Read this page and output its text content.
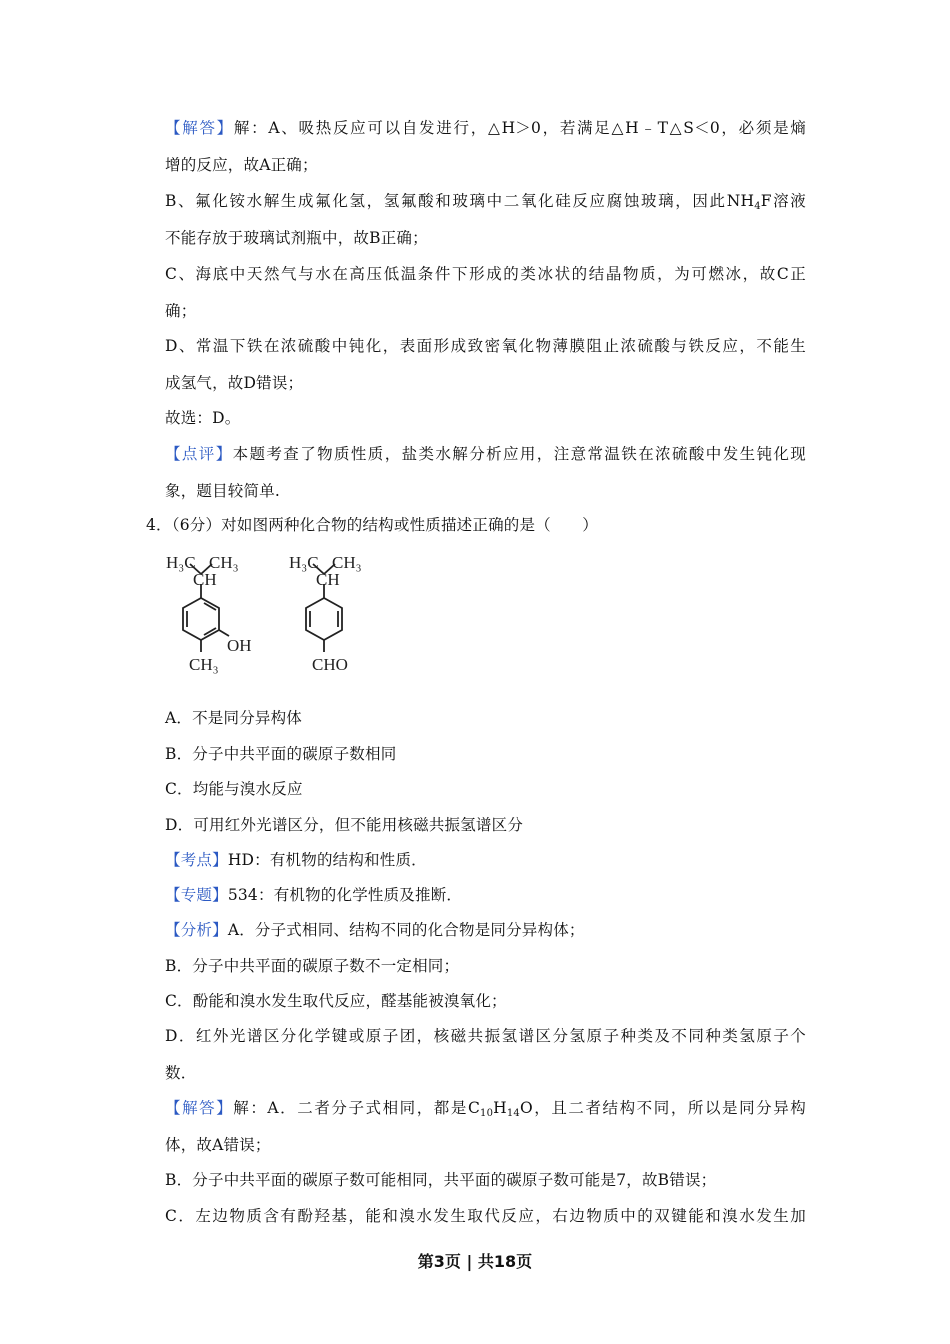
【解答】解：A、吸热反应可以自发进行，△H＞0，若满足△H﹣T△S＜0，必须是熵
增的反应，故A正确；
B、氟化铵水解生成氟化氢，氢氟酸和玻璃中二氧化硅反应腐蚀玻璃，因此$NH_4F$溶液
不能存放于玻璃试剂瓶中，故B正确；
C、海底中天然气与水在高压低温条件下形成的类冰状的结晶物质，为可燃冰，故C正
确；
D、常温下铁在浓硫酸中钝化，表面形成致密氧化物薄膜阻止浓硫酸与铁反应，不能生
成氢气，故D错误；
故选：D。
【点评】本题考查了物质性质，盐类水解分析应用，注意常温铁在浓硫酸中发生钝化现
象，题目较简单.
4．（6分）对如图两种化合物的结构或性质描述正确的是（　　）
H₃C CH₃
CH
OH
CH₃
H₃C CH₃
CH
CHO
A．不是同分异构体
B．分子中共平面的碳原子数相同
C．均能与溴水反应
D．可用红外光谱区分，但不能用核磁共振氢谱区分
【考点】HD：有机物的结构和性质．
【专题】534：有机物的化学性质及推断．
【分析】A．分子式相同、结构不同的化合物是同分异构体；
B．分子中共平面的碳原子数不一定相同；
C．酚能和溴水发生取代反应，醛基能被溴氧化；
D．红外光谱区分化学键或原子团，核磁共振氢谱区分氢原子种类及不同种类氢原子个
数．
【解答】解：A．二者分子式相同，都是$C_{10}H_{14}O$，且二者结构不同，所以是同分异构
体，故A错误；
B．分子中共平面的碳原子数可能相同，共平面的碳原子数可能是7，故B错误；
C．左边物质含有酚羟基，能和溴水发生取代反应，右边物质中的双键能和溴水发生加
第3页 | 共18页
